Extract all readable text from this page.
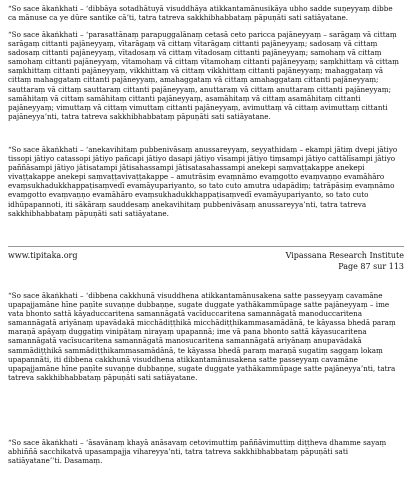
“So sace ākaṅkhati – ‘dibbāya sotadhātuyā visuddhāya atikkantamānusikāya ubho sadde suṇeyyaṃ dibbe ca mānuse ca ye dūre santike cā’ti, tatra tatreva sakkhibhabbataṃ pāpuṇāti sati satiāyatane.
“So sace ākaṅkhati – ‘parasattānaṃ parapuggalānaṃ cetasā ceto paricca pajāneyyaṃ – sarāgaṃ vā cittaṃ sarāgaṃ cittanti pajāneyyaṃ, vītarāgaṃ vā cittaṃ vītarāgaṃ cittanti pajāneyyaṃ; sadosaṃ vā cittaṃ sadosaṃ cittanti pajāneyyaṃ, vītadosaṃ vā cittaṃ vītadosaṃ cittanti pajāneyyaṃ; samohaṃ vā cittaṃ samohaṃ cittanti pajāneyyaṃ, vītamohaṃ vā cittaṃ vītamohaṃ cittanti pajāneyyaṃ; saṃkhittaṃ vā cittaṃ saṃkhittaṃ cittanti pajāneyyaṃ, vikkhittaṃ vā cittaṃ vikkhittaṃ cittanti pajāneyyaṃ; mahaggataṃ vā cittaṃ mahaggataṃ cittanti pajāneyyaṃ, amahaggataṃ vā cittaṃ amahaggataṃ cittanti pajāneyyaṃ; sauttaraṃ vā cittaṃ sauttaraṃ cittanti pajāneyyaṃ, anuttaraṃ vā cittaṃ anuttaraṃ cittanti pajāneyyaṃ; samāhitaṃ vā cittaṃ samāhitaṃ cittanti pajāneyyaṃ, asamāhitaṃ vā cittaṃ asamāhitaṃ cittanti pajāneyyaṃ; vimuttaṃ vā cittaṃ vimuttaṃ cittanti pajāneyyaṃ, avimuttaṃ vā cittaṃ avimuttaṃ cittanti pajāneyya’nti, tatra tatreva sakkhibhabbataṃ pāpuṇāti sati satiāyatane.
“So sace ākaṅkhati – ‘anekavihitaṃ pubbenivāsaṃ anussareyyaṃ, seyyathidaṃ – ekampi jātiṃ dvepi jātiyo tissopi jātiyo catassopi jātiyo pañcapi jātiyo dasapi jātiyo vīsampi jātiyo tiṃsampi jātiyo cattālīsampi jātiyo paññāsampi jātiyo jātisatampi jātisahassampi jātisatasahassampi anekepi saṃvaṭṭakappe anekepi vivaṭṭakappe anekepi saṃvaṭṭavivaṭṭakappe – amutrāsiṃ evaṃnāmo evaṃgotto evaṃvaṇṇo evamāhāro evaṃsukhadukkhappaṭisaṃvedī evamāyupariyanto, so tato cuto amutra udapādiṃ; tatrāpāsiṃ evaṃnāmo evaṃgotto evaṃvaṇṇo evamāhāro evaṃsukhadukkhappaṭisaṃvedī evamāyupariyanto, so tato cuto idhūpapannoti, iti sākāraṃ sauddesaṃ anekavihitaṃ pubbenivāsaṃ anussareyya’nti, tatra tatreva sakkhibhabbataṃ pāpuṇāti sati satiāyatane.
www.tipitaka.org	Vipassana Research Institute
Page 87 sur 113
“So sace ākaṅkhati – ‘dibbena cakkhunā visuddhena atikkantamānusakena satte passeyyaṃ cavamāne upapajjamāne hīne paṇīte suvaṇṇe dubbaṇṇe, sugate duggate yathākammūpage satte pajāneyyaṃ – ime vata bhonto sattā kāyaduccaritena samannāgatā vacīduccaritena samannāgatā manoduccaritena samannāgatā ariyānaṃ upavādakā micchādiṭṭhikā micchādiṭṭhikammasamādānā, te kāyassa bhedā paraṃ maraṇā apāyaṃ duggatiṃ vinipātaṃ nirayaṃ upapannā; ime vā pana bhonto sattā kāyasucaritena samannāgatā vacīsucaritena samannāgatā manosucaritena samannāgatā ariyānaṃ anupavādakā sammādiṭṭhikā sammādiṭṭhikammasamādānā, te kāyassa bhedā paraṃ maraṇā sugatiṃ saggaṃ lokaṃ upapannāti, iti dibbena cakkhunā visuddhena atikkantamānusakena satte passeyyaṃ cavamāne upapajjamāne hīne paṇīte suvaṇṇe dubbaṇṇe, sugate duggate yathākammūpage satte pajāneyya’nti, tatra tatreva sakkhibhabbataṃ pāpuṇāti sati satiāyatane.
“So sace ākaṅkhati – ‘āsavānaṃ khayā anāsavaṃ cetovimuttiṃ paññāvimuttiṃ diṭṭheva dhamme sayaṃ abhiññā sacchikatvā upasampajja vihareyya’nti, tatra tatreva sakkhibhabbataṃ pāpuṇāti sati satiāyatane’’ti. Dasamaṃ.
